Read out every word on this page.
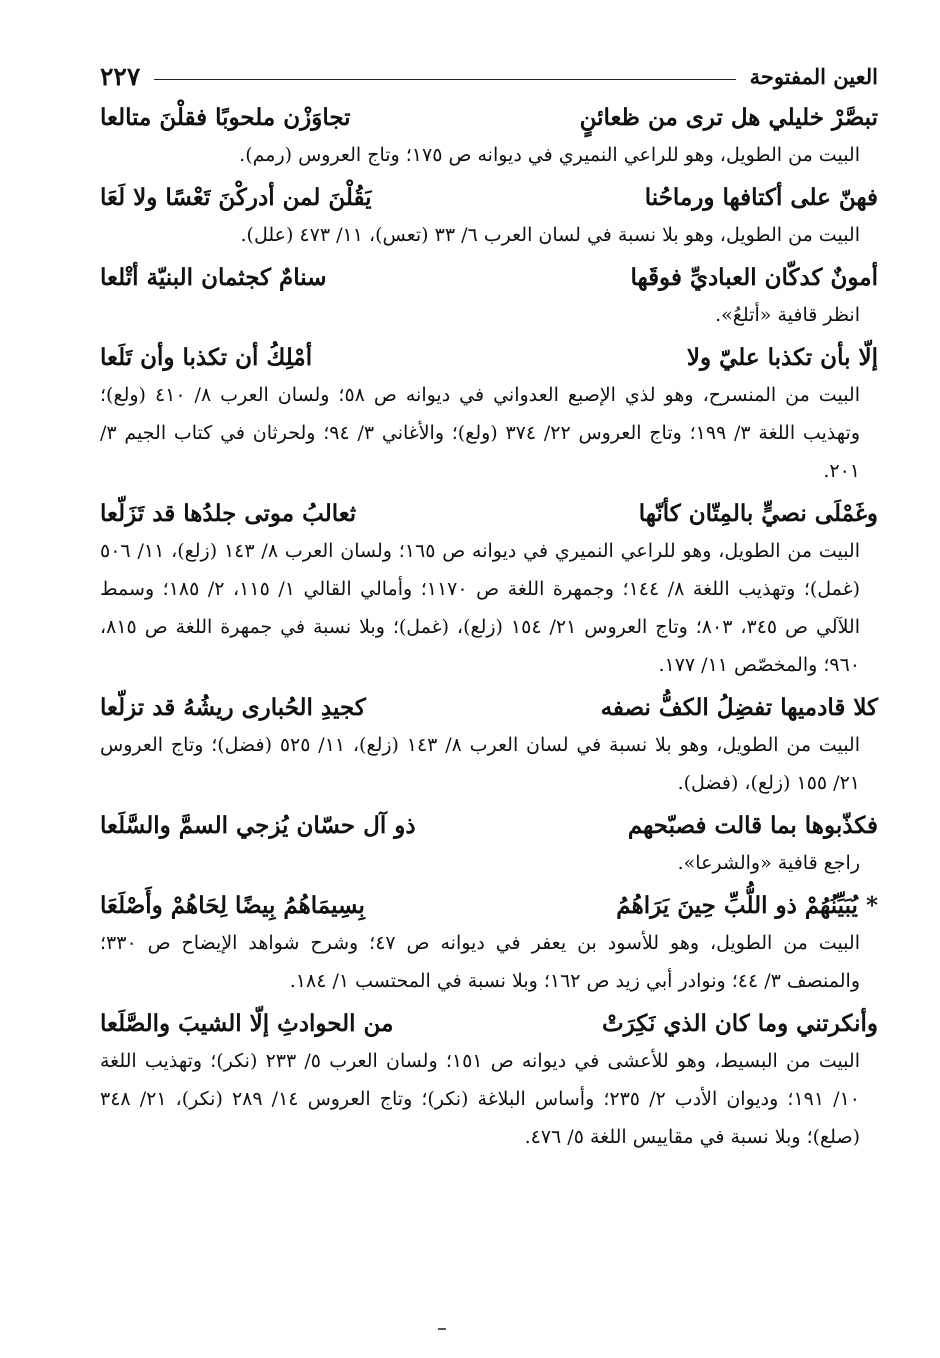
العين المفتوحة
٢٢٧
تبصَّرْ خليلي هل ترى من ظعائنٍ
تجاوَزْن ملحوبًا فقلْنَ متالعا
البيت من الطويل، وهو للراعي النميري في ديوانه ص ١٧٥؛ وتاج العروس (رمم).
فهنّ على أكتافها ورماحُنا
يَقُلْنَ لمن أدركْنَ تَعْسًا ولا لَعَا
البيت من الطويل، وهو بلا نسبة في لسان العرب ٦/ ٣٣ (تعس)، ١١/ ٤٧٣ (علل).
أمونٌ كدكّان العباديِّ فوقَها
سنامٌ كجثمان البنيّة أتْلعا
انظر قافية «أتلعُ».
إلّا بأن تكذبا عليّ ولا
أمْلِكُ أن تكذبا وأن تَلَعا
البيت من المنسرح، وهو لذي الإصبع العدواني في ديوانه ص ٥٨؛ ولسان العرب ٨/ ٤١٠ (ولع)؛ وتهذيب اللغة ٣/ ١٩٩؛ وتاج العروس ٢٢/ ٣٧٤ (ولع)؛ والأغاني ٣/ ٩٤؛ ولحرثان في كتاب الجيم ٣/ ٢٠١.
وغَمْلَى نصيٍّ بالمِتّان كأنّها
ثعالبُ موتى جلدُها قد تَزَلّعا
البيت من الطويل، وهو للراعي النميري في ديوانه ص ١٦٥؛ ولسان العرب ٨/ ١٤٣ (زلع)، ١١/ ٥٠٦ (غمل)؛ وتهذيب اللغة ٨/ ١٤٤؛ وجمهرة اللغة ص ١١٧٠؛ وأمالي القالي ١/ ١١٥، ٢/ ١٨٥؛ وسمط اللآلي ص ٣٤٥، ٨٠٣؛ وتاج العروس ٢١/ ١٥٤ (زلع)، (غمل)؛ وبلا نسبة في جمهرة اللغة ص ٨١٥، ٩٦٠؛ والمخصّص ١١/ ١٧٧.
كلا قادميها تفضِلُ الكفُّ نصفه
كجيدِ الحُبارى ريشُهُ قد تزلّعا
البيت من الطويل، وهو بلا نسبة في لسان العرب ٨/ ١٤٣ (زلع)، ١١/ ٥٢٥ (فضل)؛ وتاج العروس ٢١/ ١٥٥ (زلع)، (فضل).
فكذّبوها بما قالت فصبّحهم
ذو آل حسّان يُزجي السمَّ والسَّلَعا
راجع قافية «والشرعا».
* يُبَيِّنُهُمْ ذو اللُّبِّ حِينَ يَرَاهُمُ
بِسِيمَاهُمُ بِيضًا لِحَاهُمْ وأَصْلَعَا
البيت من الطويل، وهو للأسود بن يعفر في ديوانه ص ٤٧؛ وشرح شواهد الإيضاح ص ٣٣٠؛ والمنصف ٣/ ٤٤؛ ونوادر أبي زيد ص ١٦٢؛ وبلا نسبة في المحتسب ١/ ١٨٤.
وأنكرتني وما كان الذي نَكِرَتْ
من الحوادثِ إلّا الشيبَ والصَّلَعا
البيت من البسيط، وهو للأعشى في ديوانه ص ١٥١؛ ولسان العرب ٥/ ٢٣٣ (نكر)؛ وتهذيب اللغة ١٠/ ١٩١؛ وديوان الأدب ٢/ ٢٣٥؛ وأساس البلاغة (نكر)؛ وتاج العروس ١٤/ ٢٨٩ (نكر)، ٢١/ ٣٤٨ (صلع)؛ وبلا نسبة في مقاييس اللغة ٥/ ٤٧٦.
